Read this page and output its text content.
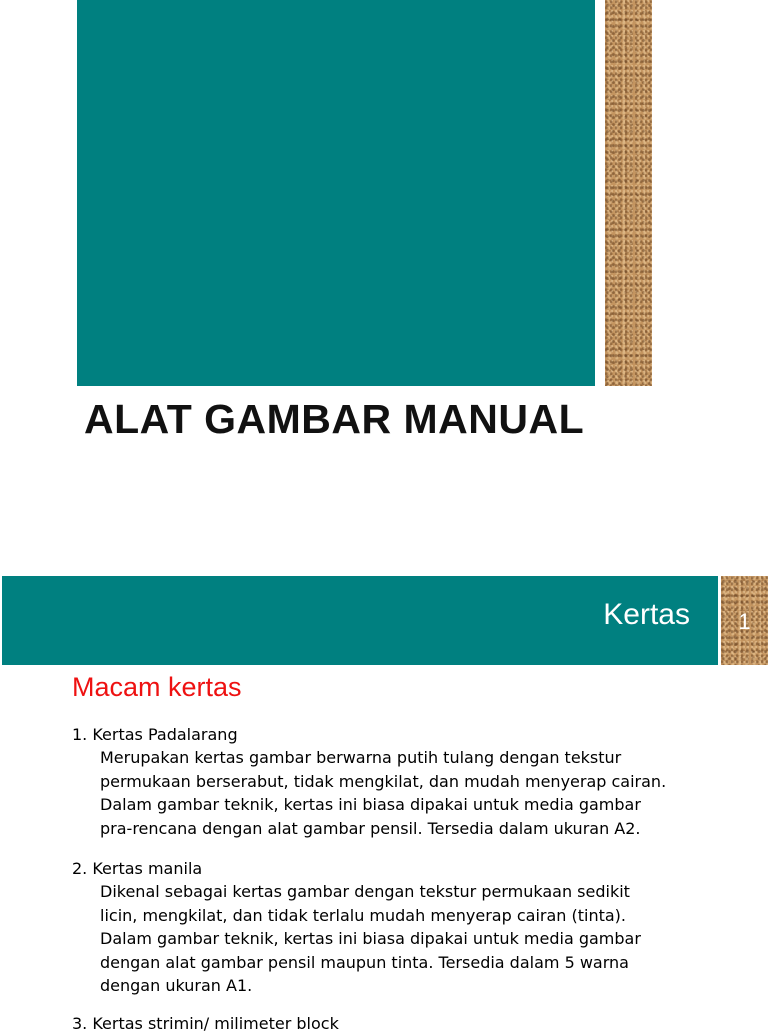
ALAT GAMBAR MANUAL
Kertas	1
Macam kertas
1. Kertas Padalarang
Merupakan kertas gambar berwarna putih tulang dengan tekstur
permukaan berserabut, tidak mengkilat, dan mudah menyerap cairan.
Dalam gambar teknik, kertas ini biasa dipakai untuk media gambar
pra-rencana dengan alat gambar pensil. Tersedia dalam ukuran A2.
2. Kertas manila
Dikenal sebagai kertas gambar dengan tekstur permukaan sedikit
licin, mengkilat, dan tidak terlalu mudah menyerap cairan (tinta).
Dalam gambar teknik, kertas ini biasa dipakai untuk media gambar
dengan alat gambar pensil maupun tinta. Tersedia dalam 5 warna
dengan ukuran A1.
3. Kertas strimin/ milimeter block
